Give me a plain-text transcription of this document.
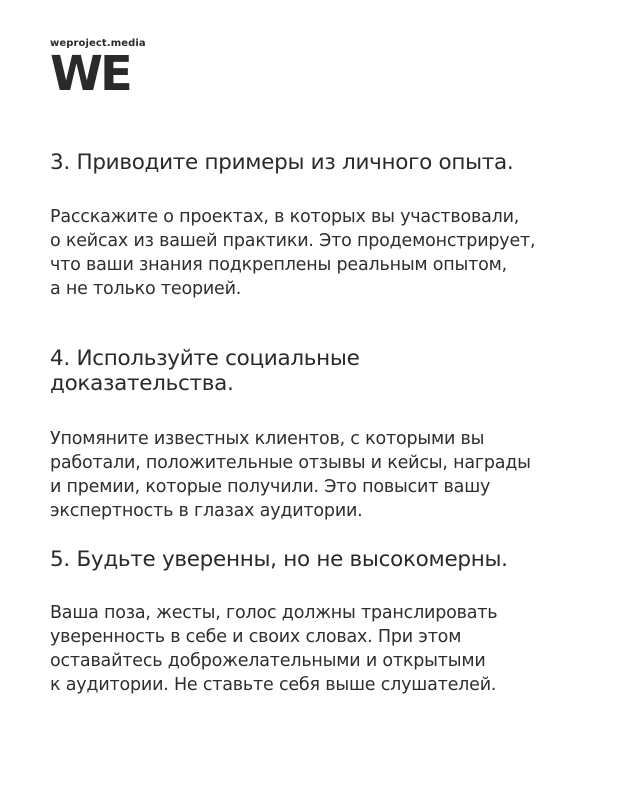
weproject.media
WE
3. Приводите примеры из личного опыта.

Расскажите о проектах, в которых вы участвовали,
о кейсах из вашей практики. Это продемонстрирует,
что ваши знания подкреплены реальным опытом,
а не только теорией.

4. Используйте социальные
доказательства.

Упомяните известных клиентов, с которыми вы
работали, положительные отзывы и кейсы, награды
и премии, которые получили. Это повысит вашу
экспертность в глазах аудитории.

5. Будьте уверенны, но не высокомерны.

Ваша поза, жесты, голос должны транслировать
уверенность в себе и своих словах. При этом
оставайтесь доброжелательными и открытыми
к аудитории. Не ставьте себя выше слушателей.
